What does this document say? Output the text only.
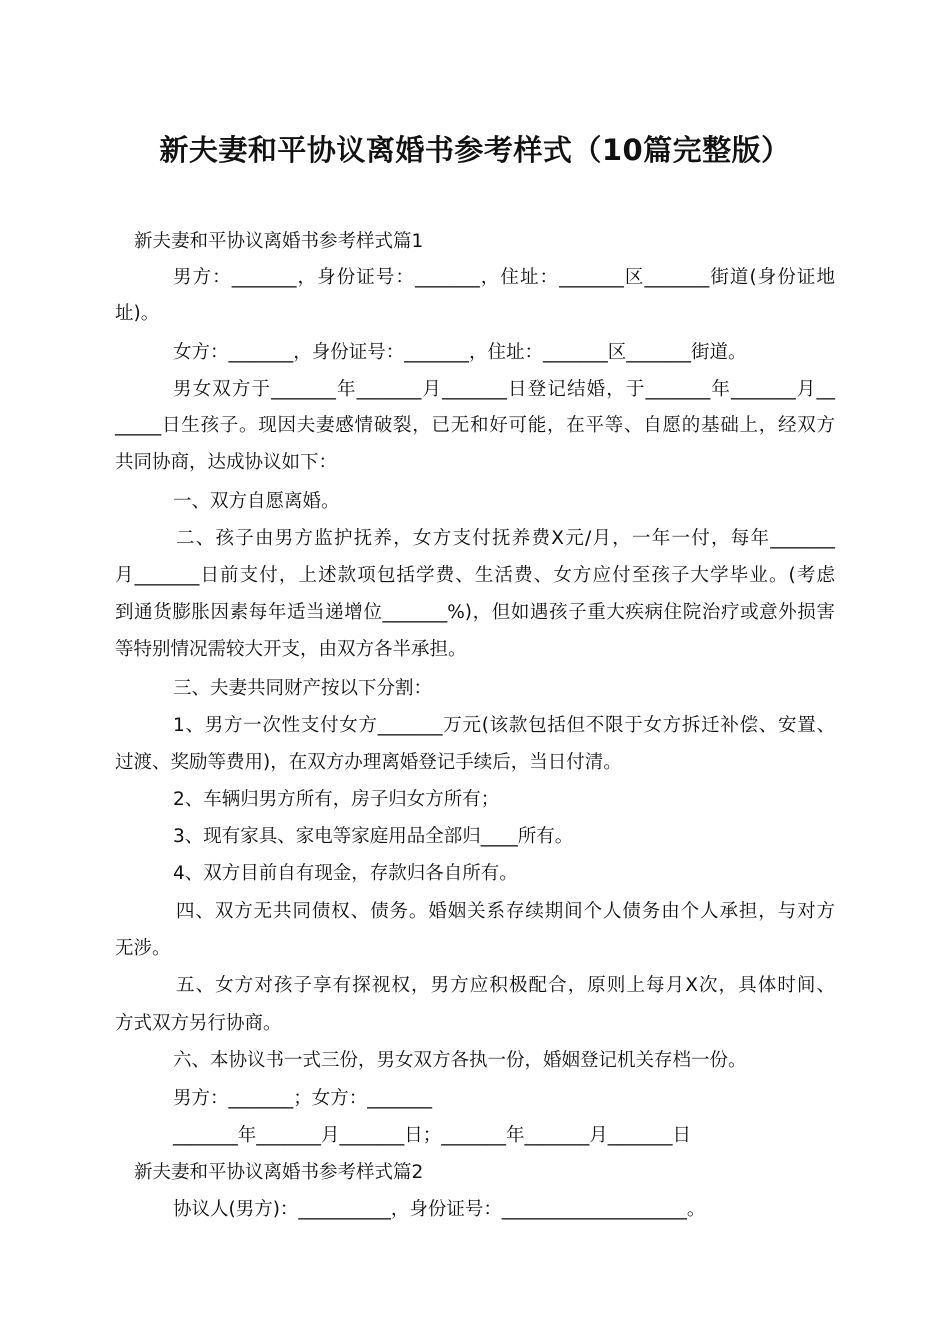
新夫妻和平协议离婚书参考样式（10篇完整版）
新夫妻和平协议离婚书参考样式篇1
男方：_______，身份证号：_______，住址：_______区_______街道(身份证地
址)。
女方：_______，身份证号：_______，住址：_______区_______街道。
男女双方于_______年_______月_______日登记结婚，于_______年_______月__
_____日生孩子。现因夫妻感情破裂，已无和好可能，在平等、自愿的基础上，经双方
共同协商，达成协议如下：
一、双方自愿离婚。
二、孩子由男方监护抚养，女方支付抚养费X元/月，一年一付，每年_______
月_______日前支付，上述款项包括学费、生活费、女方应付至孩子大学毕业。(考虑
到通货膨胀因素每年适当递增位_______%)，但如遇孩子重大疾病住院治疗或意外损害
等特别情况需较大开支，由双方各半承担。
三、夫妻共同财产按以下分割：
1、男方一次性支付女方_______万元(该款包括但不限于女方拆迁补偿、安置、
过渡、奖励等费用)，在双方办理离婚登记手续后，当日付清。
2、车辆归男方所有，房子归女方所有；
3、现有家具、家电等家庭用品全部归____所有。
4、双方目前自有现金，存款归各自所有。
四、双方无共同债权、债务。婚姻关系存续期间个人债务由个人承担，与对方
无涉。
五、女方对孩子享有探视权，男方应积极配合，原则上每月X次，具体时间、
方式双方另行协商。
六、本协议书一式三份，男女双方各执一份，婚姻登记机关存档一份。
男方：_______；女方：_______
_______年_______月_______日；_______年_______月_______日
新夫妻和平协议离婚书参考样式篇2
协议人(男方)：__________，身份证号：____________________。
